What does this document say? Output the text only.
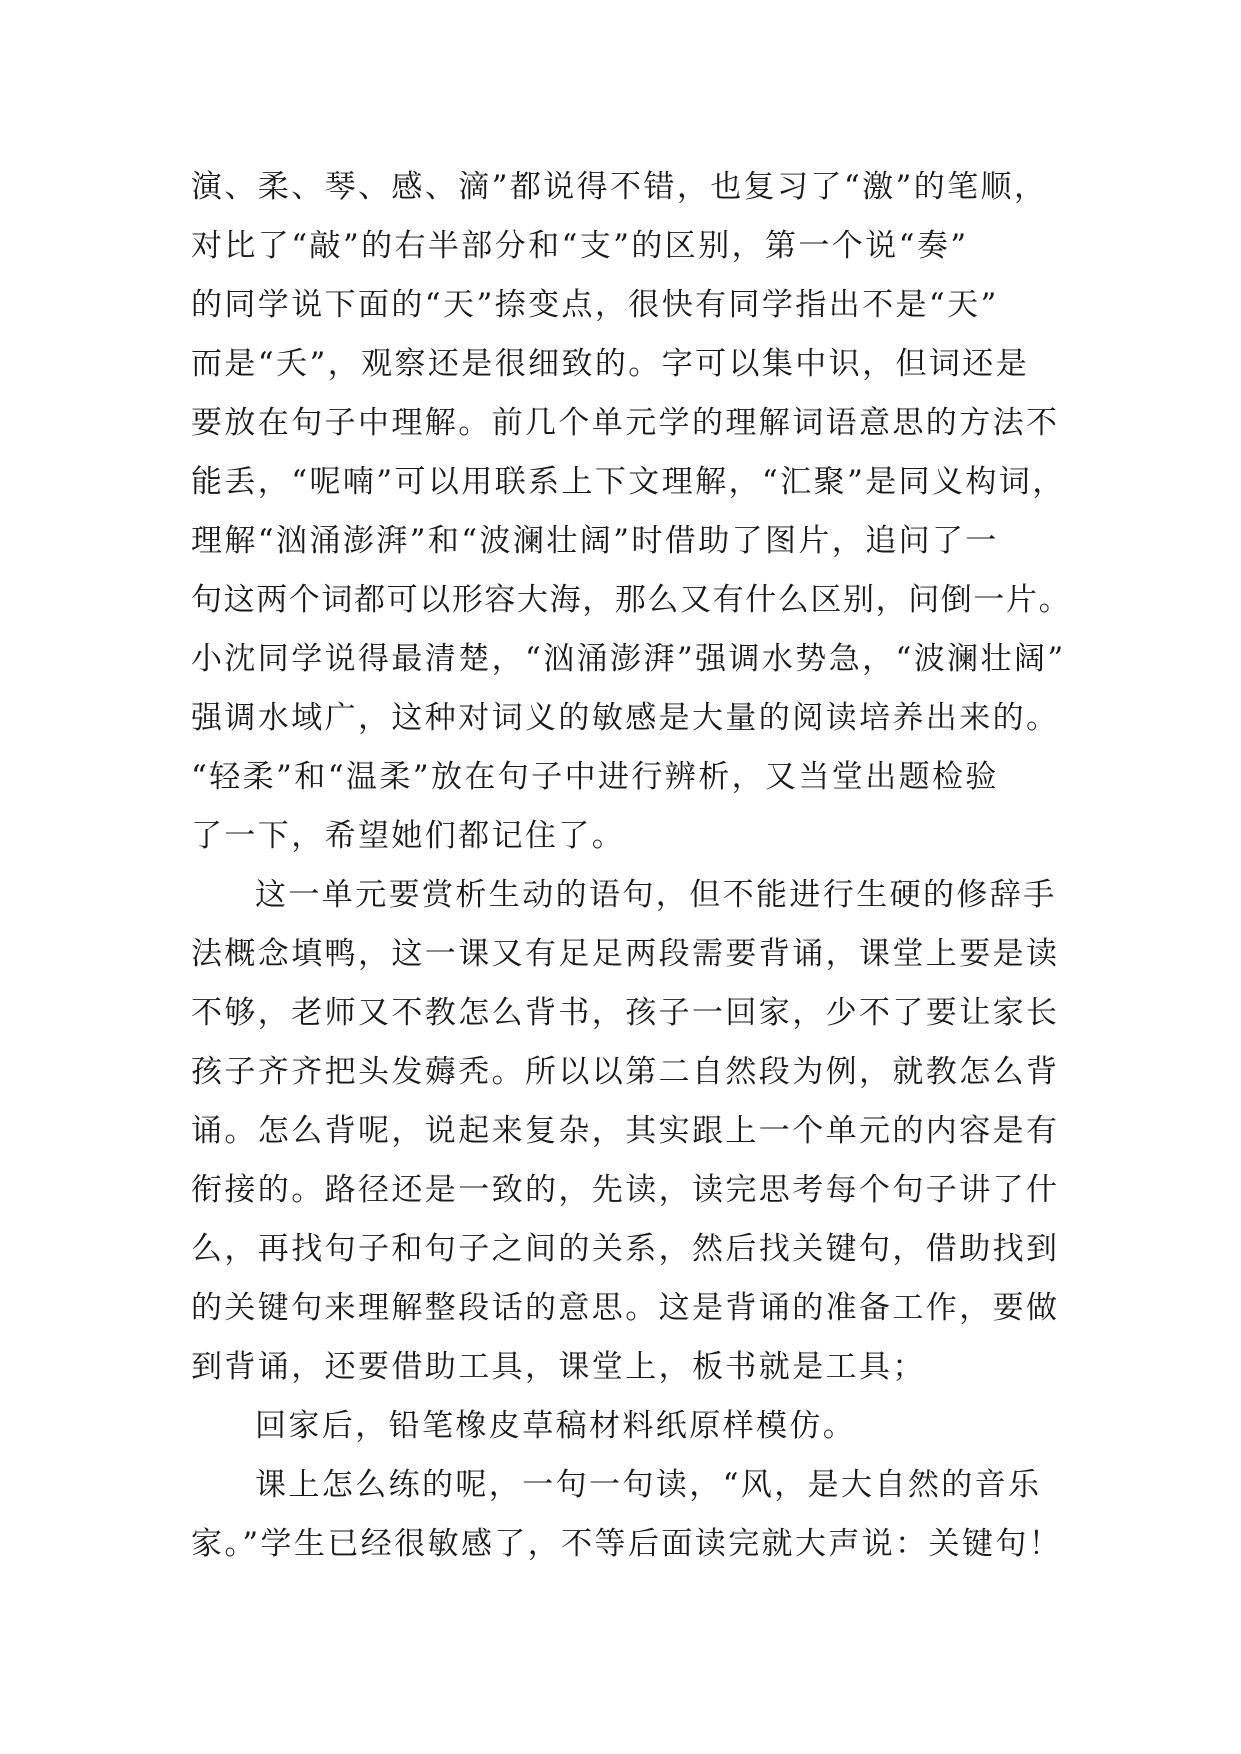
演、柔、琴、感、滴”都说得不错，也复习了“激”的笔顺，
对比了“敲”的右半部分和“支”的区别，第一个说“奏”
的同学说下面的“天”捺变点，很快有同学指出不是“天”
而是“夭”，观察还是很细致的。字可以集中识，但词还是
要放在句子中理解。前几个单元学的理解词语意思的方法不
能丢，“呢喃”可以用联系上下文理解，“汇聚”是同义构词，
理解“汹涌澎湃”和“波澜壮阔”时借助了图片，追问了一
句这两个词都可以形容大海，那么又有什么区别，问倒一片。
小沈同学说得最清楚，“汹涌澎湃”强调水势急，“波澜壮阔”
强调水域广，这种对词义的敏感是大量的阅读培养出来的。
“轻柔”和“温柔”放在句子中进行辨析，又当堂出题检验
了一下，希望她们都记住了。
这一单元要赏析生动的语句，但不能进行生硬的修辞手
法概念填鸭，这一课又有足足两段需要背诵，课堂上要是读
不够，老师又不教怎么背书，孩子一回家，少不了要让家长
孩子齐齐把头发薅秃。所以以第二自然段为例，就教怎么背
诵。怎么背呢，说起来复杂，其实跟上一个单元的内容是有
衔接的。路径还是一致的，先读，读完思考每个句子讲了什
么，再找句子和句子之间的关系，然后找关键句，借助找到
的关键句来理解整段话的意思。这是背诵的准备工作，要做
到背诵，还要借助工具，课堂上，板书就是工具；
回家后，铅笔橡皮草稿材料纸原样模仿。
课上怎么练的呢，一句一句读，“风，是大自然的音乐
家。”学生已经很敏感了，不等后面读完就大声说：关键句！
